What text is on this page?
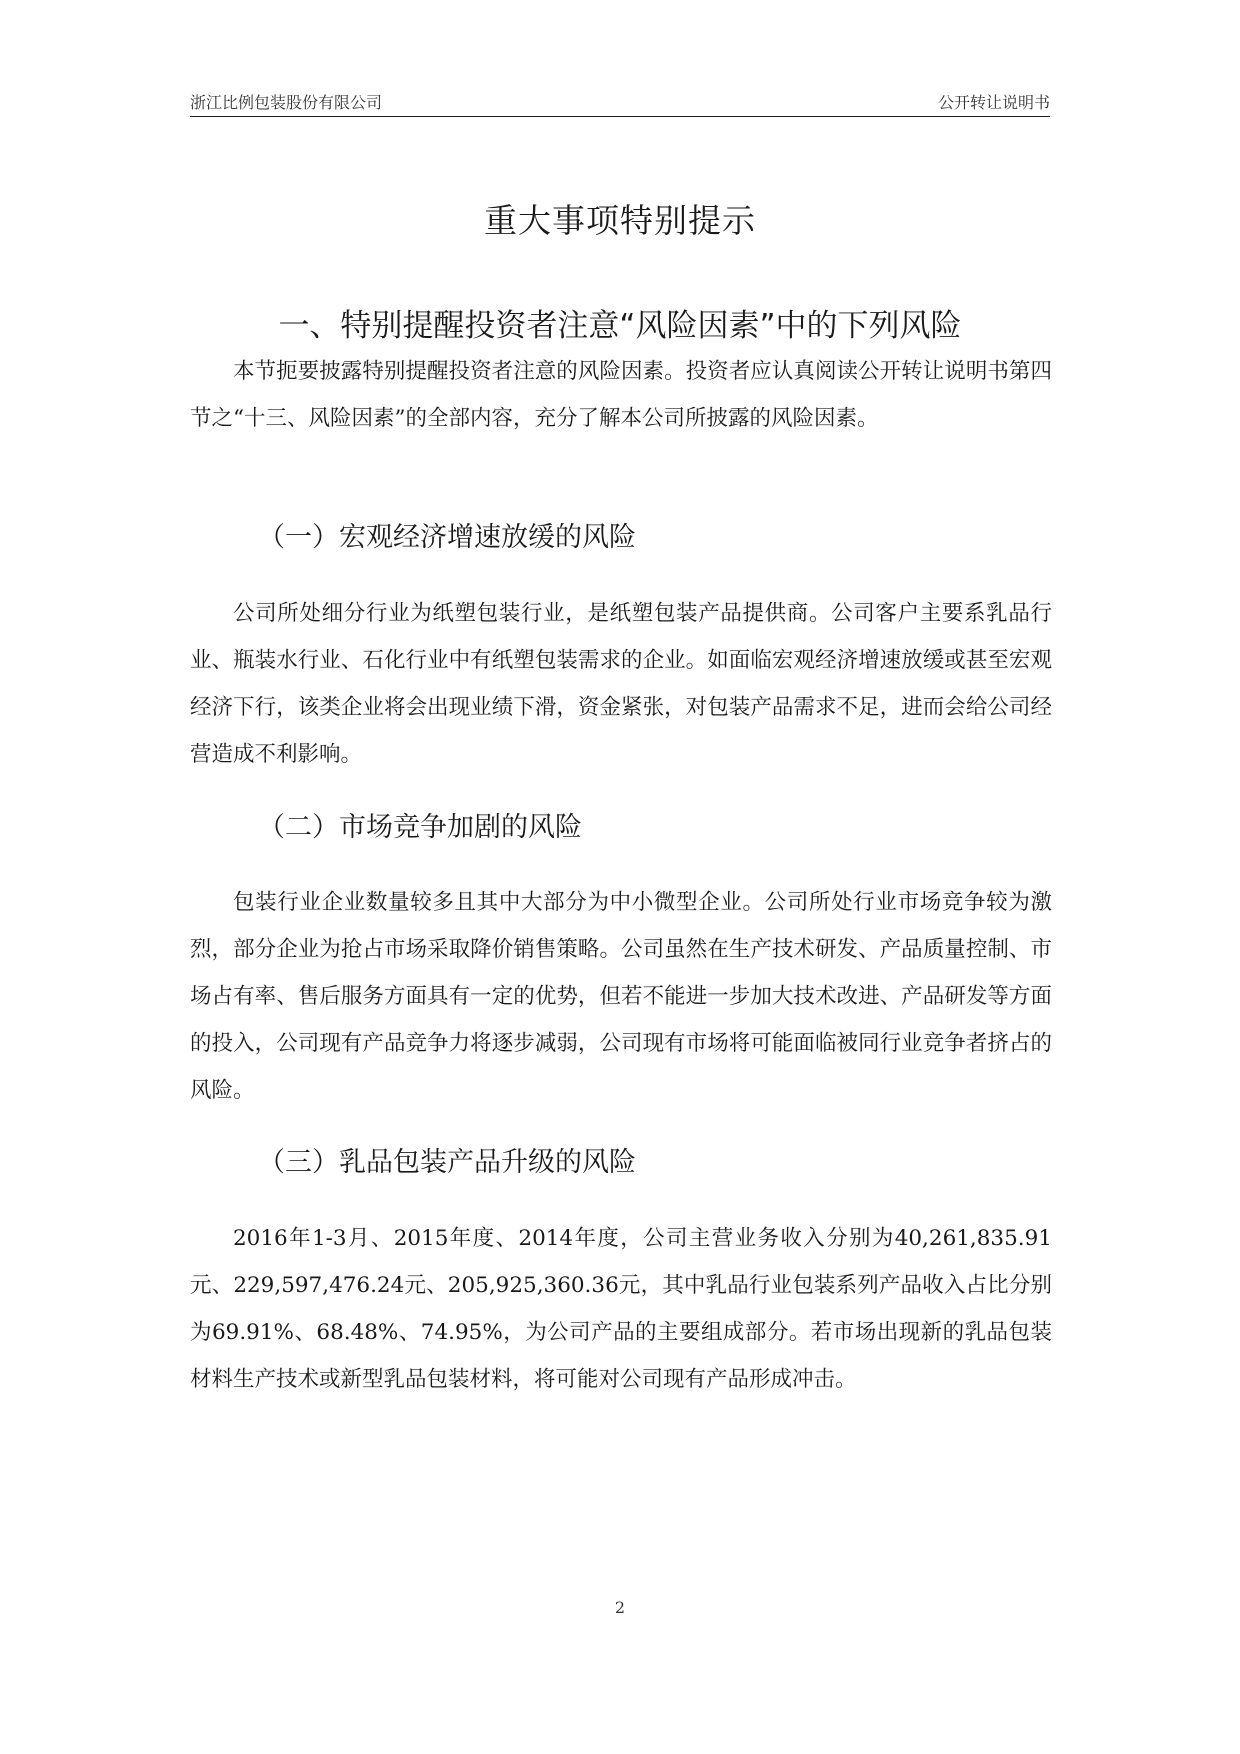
浙江比例包装股份有限公司	公开转让说明书
重大事项特别提示
一、特别提醒投资者注意“风险因素”中的下列风险
本节扼要披露特别提醒投资者注意的风险因素。投资者应认真阅读公开转让说明书第四节之“十三、风险因素”的全部内容，充分了解本公司所披露的风险因素。
（一）宏观经济增速放缓的风险
公司所处细分行业为纸塑包装行业，是纸塑包装产品提供商。公司客户主要系乳品行业、瓶装水行业、石化行业中有纸塑包装需求的企业。如面临宏观经济增速放缓或甚至宏观经济下行，该类企业将会出现业绩下滑，资金紧张，对包装产品需求不足，进而会给公司经营造成不利影响。
（二）市场竞争加剧的风险
包装行业企业数量较多且其中大部分为中小微型企业。公司所处行业市场竞争较为激烈，部分企业为抢占市场采取降价销售策略。公司虽然在生产技术研发、产品质量控制、市场占有率、售后服务方面具有一定的优势，但若不能进一步加大技术改进、产品研发等方面的投入，公司现有产品竞争力将逐步减弱，公司现有市场将可能面临被同行业竞争者挤占的风险。
（三）乳品包装产品升级的风险
2016年1-3月、2015年度、2014年度，公司主营业务收入分别为40,261,835.91元、229,597,476.24元、205,925,360.36元，其中乳品行业包装系列产品收入占比分别为69.91%、68.48%、74.95%，为公司产品的主要组成部分。若市场出现新的乳品包装材料生产技术或新型乳品包装材料，将可能对公司现有产品形成冲击。
2
